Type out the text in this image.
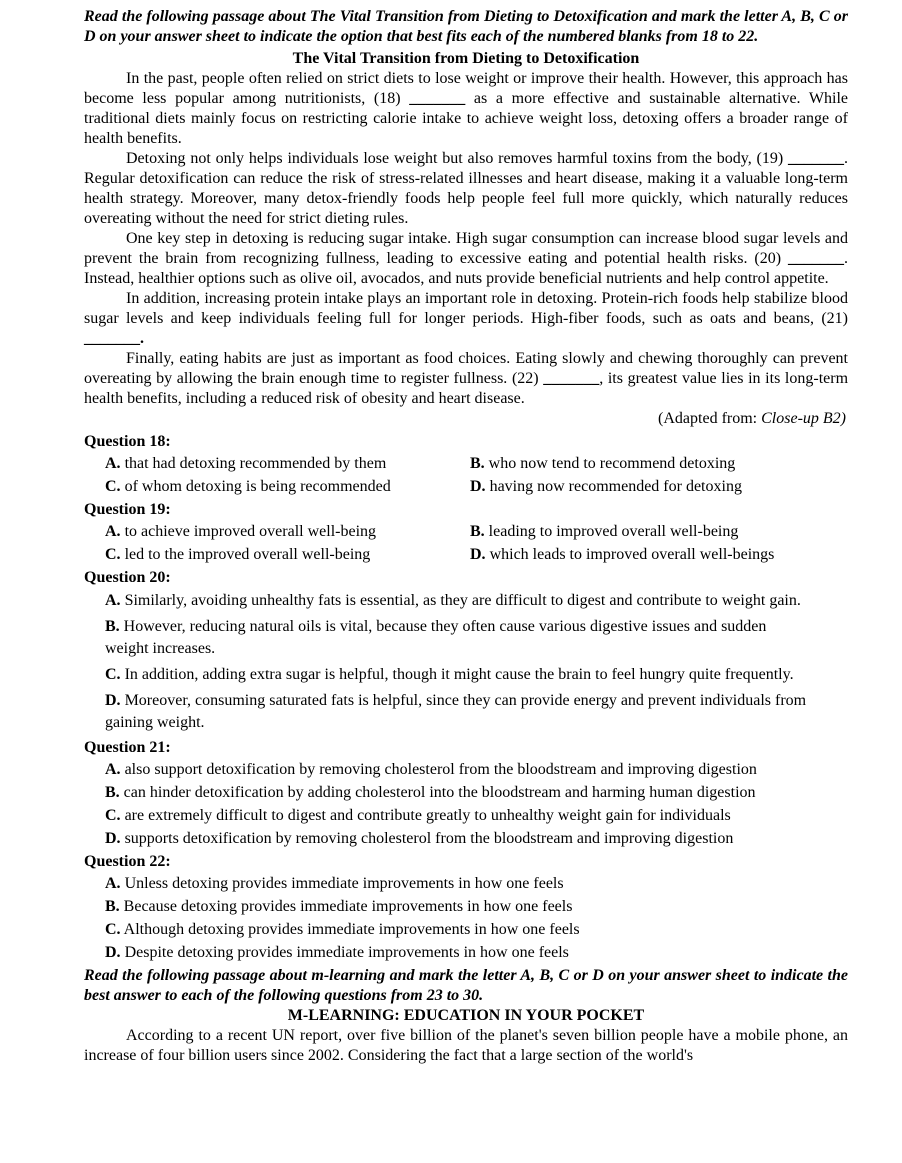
Read the following passage about The Vital Transition from Dieting to Detoxification and mark the letter A, B, C or D on your answer sheet to indicate the option that best fits each of the numbered blanks from 18 to 22.

The Vital Transition from Dieting to Detoxification

In the past, people often relied on strict diets to lose weight or improve their health. However, this approach has become less popular among nutritionists, (18) _______ as a more effective and sustainable alternative. While traditional diets mainly focus on restricting calorie intake to achieve weight loss, detoxing offers a broader range of health benefits.

Detoxing not only helps individuals lose weight but also removes harmful toxins from the body, (19) _______. Regular detoxification can reduce the risk of stress-related illnesses and heart disease, making it a valuable long-term health strategy. Moreover, many detox-friendly foods help people feel full more quickly, which naturally reduces overeating without the need for strict dieting rules.

One key step in detoxing is reducing sugar intake. High sugar consumption can increase blood sugar levels and prevent the brain from recognizing fullness, leading to excessive eating and potential health risks. (20) _______. Instead, healthier options such as olive oil, avocados, and nuts provide beneficial nutrients and help control appetite.

In addition, increasing protein intake plays an important role in detoxing. Protein-rich foods help stabilize blood sugar levels and keep individuals feeling full for longer periods. High-fiber foods, such as oats and beans, (21) _______.

Finally, eating habits are just as important as food choices. Eating slowly and chewing thoroughly can prevent overeating by allowing the brain enough time to register fullness. (22) _______, its greatest value lies in its long-term health benefits, including a reduced risk of obesity and heart disease.

(Adapted from: Close-up B2)

Question 18:
A. that had detoxing recommended by them	B. who now tend to recommend detoxing
C. of whom detoxing is being recommended	D. having now recommended for detoxing
Question 19:
A. to achieve improved overall well-being	B. leading to improved overall well-being
C. led to the improved overall well-being	D. which leads to improved overall well-beings
Question 20:
A. Similarly, avoiding unhealthy fats is essential, as they are difficult to digest and contribute to weight gain.
B. However, reducing natural oils is vital, because they often cause various digestive issues and sudden weight increases.
C. In addition, adding extra sugar is helpful, though it might cause the brain to feel hungry quite frequently.
D. Moreover, consuming saturated fats is helpful, since they can provide energy and prevent individuals from gaining weight.
Question 21:
A. also support detoxification by removing cholesterol from the bloodstream and improving digestion
B. can hinder detoxification by adding cholesterol into the bloodstream and harming human digestion
C. are extremely difficult to digest and contribute greatly to unhealthy weight gain for individuals
D. supports detoxification by removing cholesterol from the bloodstream and improving digestion
Question 22:
A. Unless detoxing provides immediate improvements in how one feels
B. Because detoxing provides immediate improvements in how one feels
C. Although detoxing provides immediate improvements in how one feels
D. Despite detoxing provides immediate improvements in how one feels

Read the following passage about m-learning and mark the letter A, B, C or D on your answer sheet to indicate the best answer to each of the following questions from 23 to 30.

M-LEARNING: EDUCATION IN YOUR POCKET

According to a recent UN report, over five billion of the planet's seven billion people have a mobile phone, an increase of four billion users since 2002. Considering the fact that a large section of the world's
